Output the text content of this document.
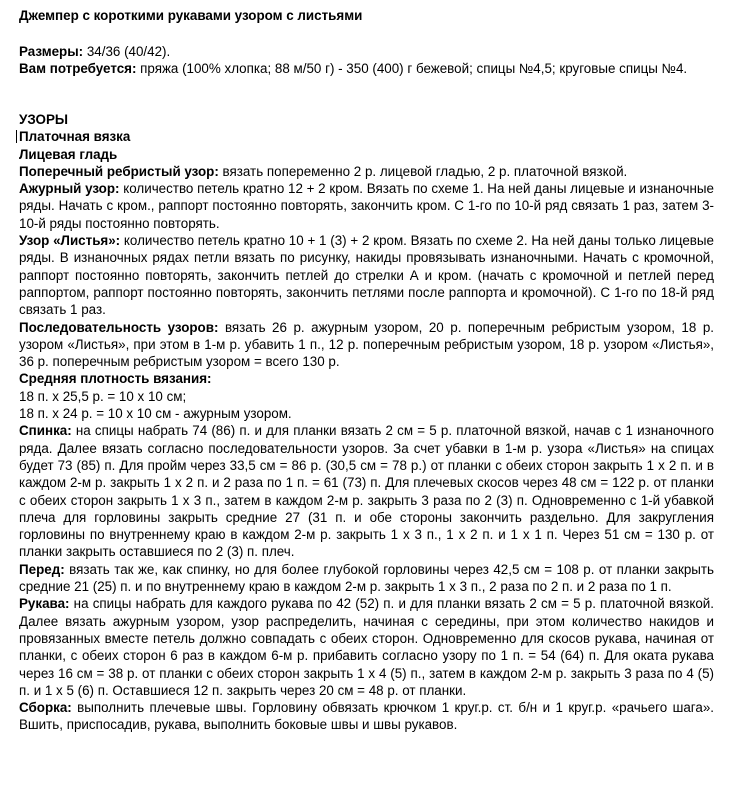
Джемпер с короткими рукавами узором с листьями
Размеры: 34/36 (40/42).
Вам потребуется: пряжа (100% хлопка; 88 м/50 г) - 350 (400) г бежевой; спицы №4,5; круговые спицы №4.
УЗОРЫ
Платочная вязка
Лицевая гладь
Поперечный ребристый узор: вязать попеременно 2 р. лицевой гладью, 2 р. платочной вязкой.
Ажурный узор: количество петель кратно 12 + 2 кром. Вязать по схеме 1. На ней даны лицевые и изнаночные ряды. Начать с кром., раппорт постоянно повторять, закончить кром. С 1-го по 10-й ряд связать 1 раз, затем 3-10-й ряды постоянно повторять.
Узор «Листья»: количество петель кратно 10 + 1 (3) + 2 кром. Вязать по схеме 2. На ней даны только лицевые ряды. В изнаночных рядах петли вязать по рисунку, накиды провязывать изнаночными. Начать с кромочной, раппорт постоянно повторять, закончить петлей до стрелки А и кром. (начать с кромочной и петлей перед раппортом, раппорт постоянно повторять, закончить петлями после раппорта и кромочной). С 1-го по 18-й ряд связать 1 раз.
Последовательность узоров: вязать 26 р. ажурным узором, 20 р. поперечным ребристым узором, 18 р. узором «Листья», при этом в 1-м р. убавить 1 п., 12 р. поперечным ребристым узором, 18 р. узором «Листья», 36 р. поперечным ребристым узором = всего 130 р.
Средняя плотность вязания:
18 п. х 25,5 р. = 10 х 10 см;
18 п. х 24 р. = 10 х 10 см - ажурным узором.
Спинка: на спицы набрать 74 (86) п. и для планки вязать 2 см = 5 р. платочной вязкой, начав с 1 изнаночного ряда. Далее вязать согласно последовательности узоров. За счет убавки в 1-м р. узора «Листья» на спицах будет 73 (85) п. Для пройм через 33,5 см = 86 р. (30,5 см = 78 р.) от планки с обеих сторон закрыть 1 х 2 п. и в каждом 2-м р. закрыть 1 х 2 п. и 2 раза по 1 п. = 61 (73) п. Для плечевых скосов через 48 см = 122 р. от планки с обеих сторон закрыть 1 х 3 п., затем в каждом 2-м р. закрыть 3 раза по 2 (3) п. Одновременно с 1-й убавкой плеча для горловины закрыть средние 27 (31 п. и обе стороны закончить раздельно. Для закругления горловины по внутреннему краю в каждом 2-м р. закрыть 1 х 3 п., 1 х 2 п. и 1 х 1 п. Через 51 см = 130 р. от планки закрыть оставшиеся по 2 (3) п. плеч.
Перед: вязать так же, как спинку, но для более глубокой горловины через 42,5 см = 108 р. от планки закрыть средние 21 (25) п. и по внутреннему краю в каждом 2-м р. закрыть 1 х 3 п., 2 раза по 2 п. и 2 раза по 1 п.
Рукава: на спицы набрать для каждого рукава по 42 (52) п. и для планки вязать 2 см = 5 р. платочной вязкой. Далее вязать ажурным узором, узор распределить, начиная с середины, при этом количество накидов и провязанных вместе петель должно совпадать с обеих сторон. Одновременно для скосов рукава, начиная от планки, с обеих сторон 6 раз в каждом 6-м р. прибавить согласно узору по 1 п. = 54 (64) п. Для оката рукава через 16 см = 38 р. от планки с обеих сторон закрыть 1 х 4 (5) п., затем в каждом 2-м р. закрыть 3 раза по 4 (5) п. и 1 х 5 (6) п. Оставшиеся 12 п. закрыть через 20 см = 48 р. от планки.
Сборка: выполнить плечевые швы. Горловину обвязать крючком 1 круг.р. ст. б/н и 1 круг.р. «рачьего шага». Вшить, приспосадив, рукава, выполнить боковые швы и швы рукавов.
